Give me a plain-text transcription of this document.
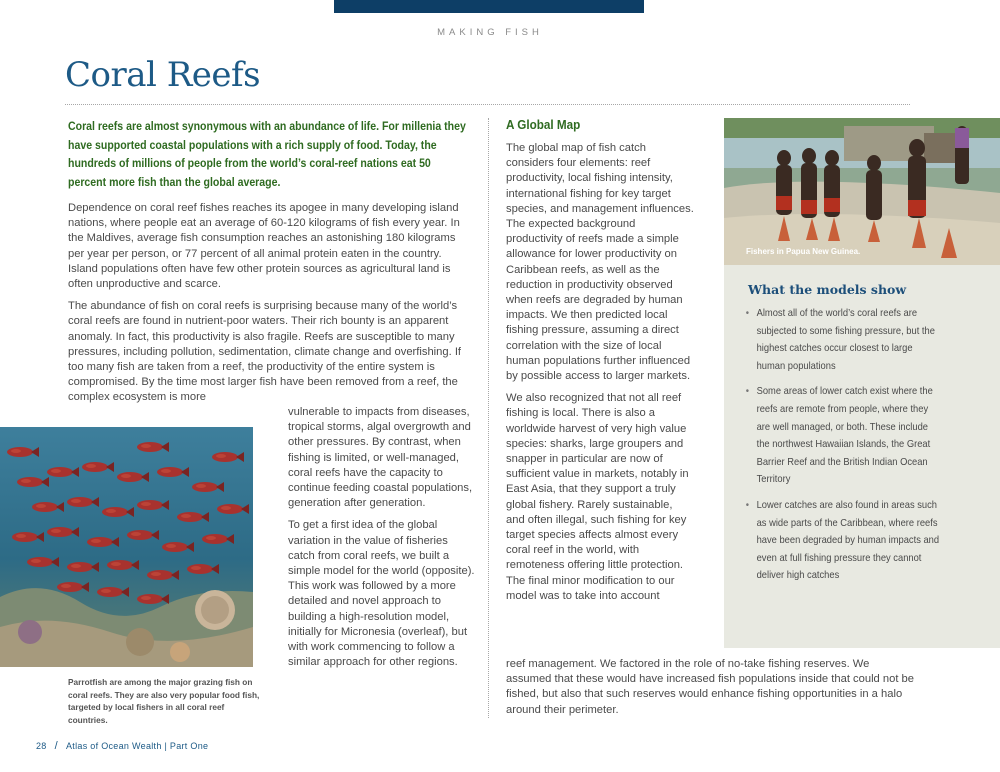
MAKING FISH
Coral Reefs

Coral reefs are almost synonymous with an abundance of life. For millenia they have supported coastal populations with a rich supply of food. Today, the hundreds of millions of people from the world’s coral-reef nations eat 50 percent more fish than the global average.

Dependence on coral reef fishes reaches its apogee in many developing island nations, where people eat an average of 60-120 kilograms of fish every year. In the Maldives, average fish consumption reaches an astonishing 180 kilograms per year per person, or 77 percent of all animal protein eaten in the country. Island populations often have few other protein sources as agricultural land is often unproductive and scarce.

The abundance of fish on coral reefs is surprising because many of the world’s coral reefs are found in nutrient-poor waters. Their rich bounty is an apparent anomaly. In fact, this productivity is also fragile. Reefs are susceptible to many pressures, including pollution, sedimentation, climate change and overfishing. If too many fish are taken from a reef, the productivity of the entire system is compromised. By the time most larger fish have been removed from a reef, the complex ecosystem is more

vulnerable to impacts from diseases, tropical storms, algal overgrowth and other pressures. By contrast, when fishing is limited, or well-managed, coral reefs have the capacity to continue feeding coastal populations, generation after generation.

To get a first idea of the global variation in the value of fisheries catch from coral reefs, we built a simple model for the world (opposite). This work was followed by a more detailed and novel approach to building a high-resolution model, initially for Micronesia (overleaf), but with work commencing to follow a similar approach for other regions.

Parrotfish are among the major grazing fish on coral reefs. They are also very popular food fish, targeted by local fishers in all coral reef countries.

A Global Map

The global map of fish catch considers four elements: reef productivity, local fishing intensity, international fishing for key target species, and management influences. The expected background productivity of reefs made a simple allowance for lower productivity on Caribbean reefs, as well as the reduction in productivity observed when reefs are degraded by human impacts. We then predicted local fishing pressure, assuming a direct correlation with the size of local human populations further influenced by possible access to larger markets.

We also recognized that not all reef fishing is local. There is also a worldwide harvest of very high value species: sharks, large groupers and snapper in particular are now of sufficient value in markets, notably in East Asia, that they support a truly global fishery. Rarely sustainable, and often illegal, such fishing for key target species affects almost every coral reef in the world, with remoteness offering little protection. The final minor modification to our model was to take into account

reef management. We factored in the role of no-take fishing reserves. We assumed that these would have increased fish populations inside that could not be fished, but also that such reserves would enhance fishing opportunities in a halo around their perimeter.

Fishers in Papua New Guinea.

What the models show
• Almost all of the world’s coral reefs are subjected to some fishing pressure, but the highest catches occur closest to large human populations
• Some areas of lower catch exist where the reefs are remote from people, where they are well managed, or both. These include the northwest Hawaiian Islands, the Great Barrier Reef and the British Indian Ocean Territory
• Lower catches are also found in areas such as wide parts of the Caribbean, where reefs have been degraded by human impacts and even at full fishing pressure they cannot deliver high catches

28 / Atlas of Ocean Wealth | Part One
